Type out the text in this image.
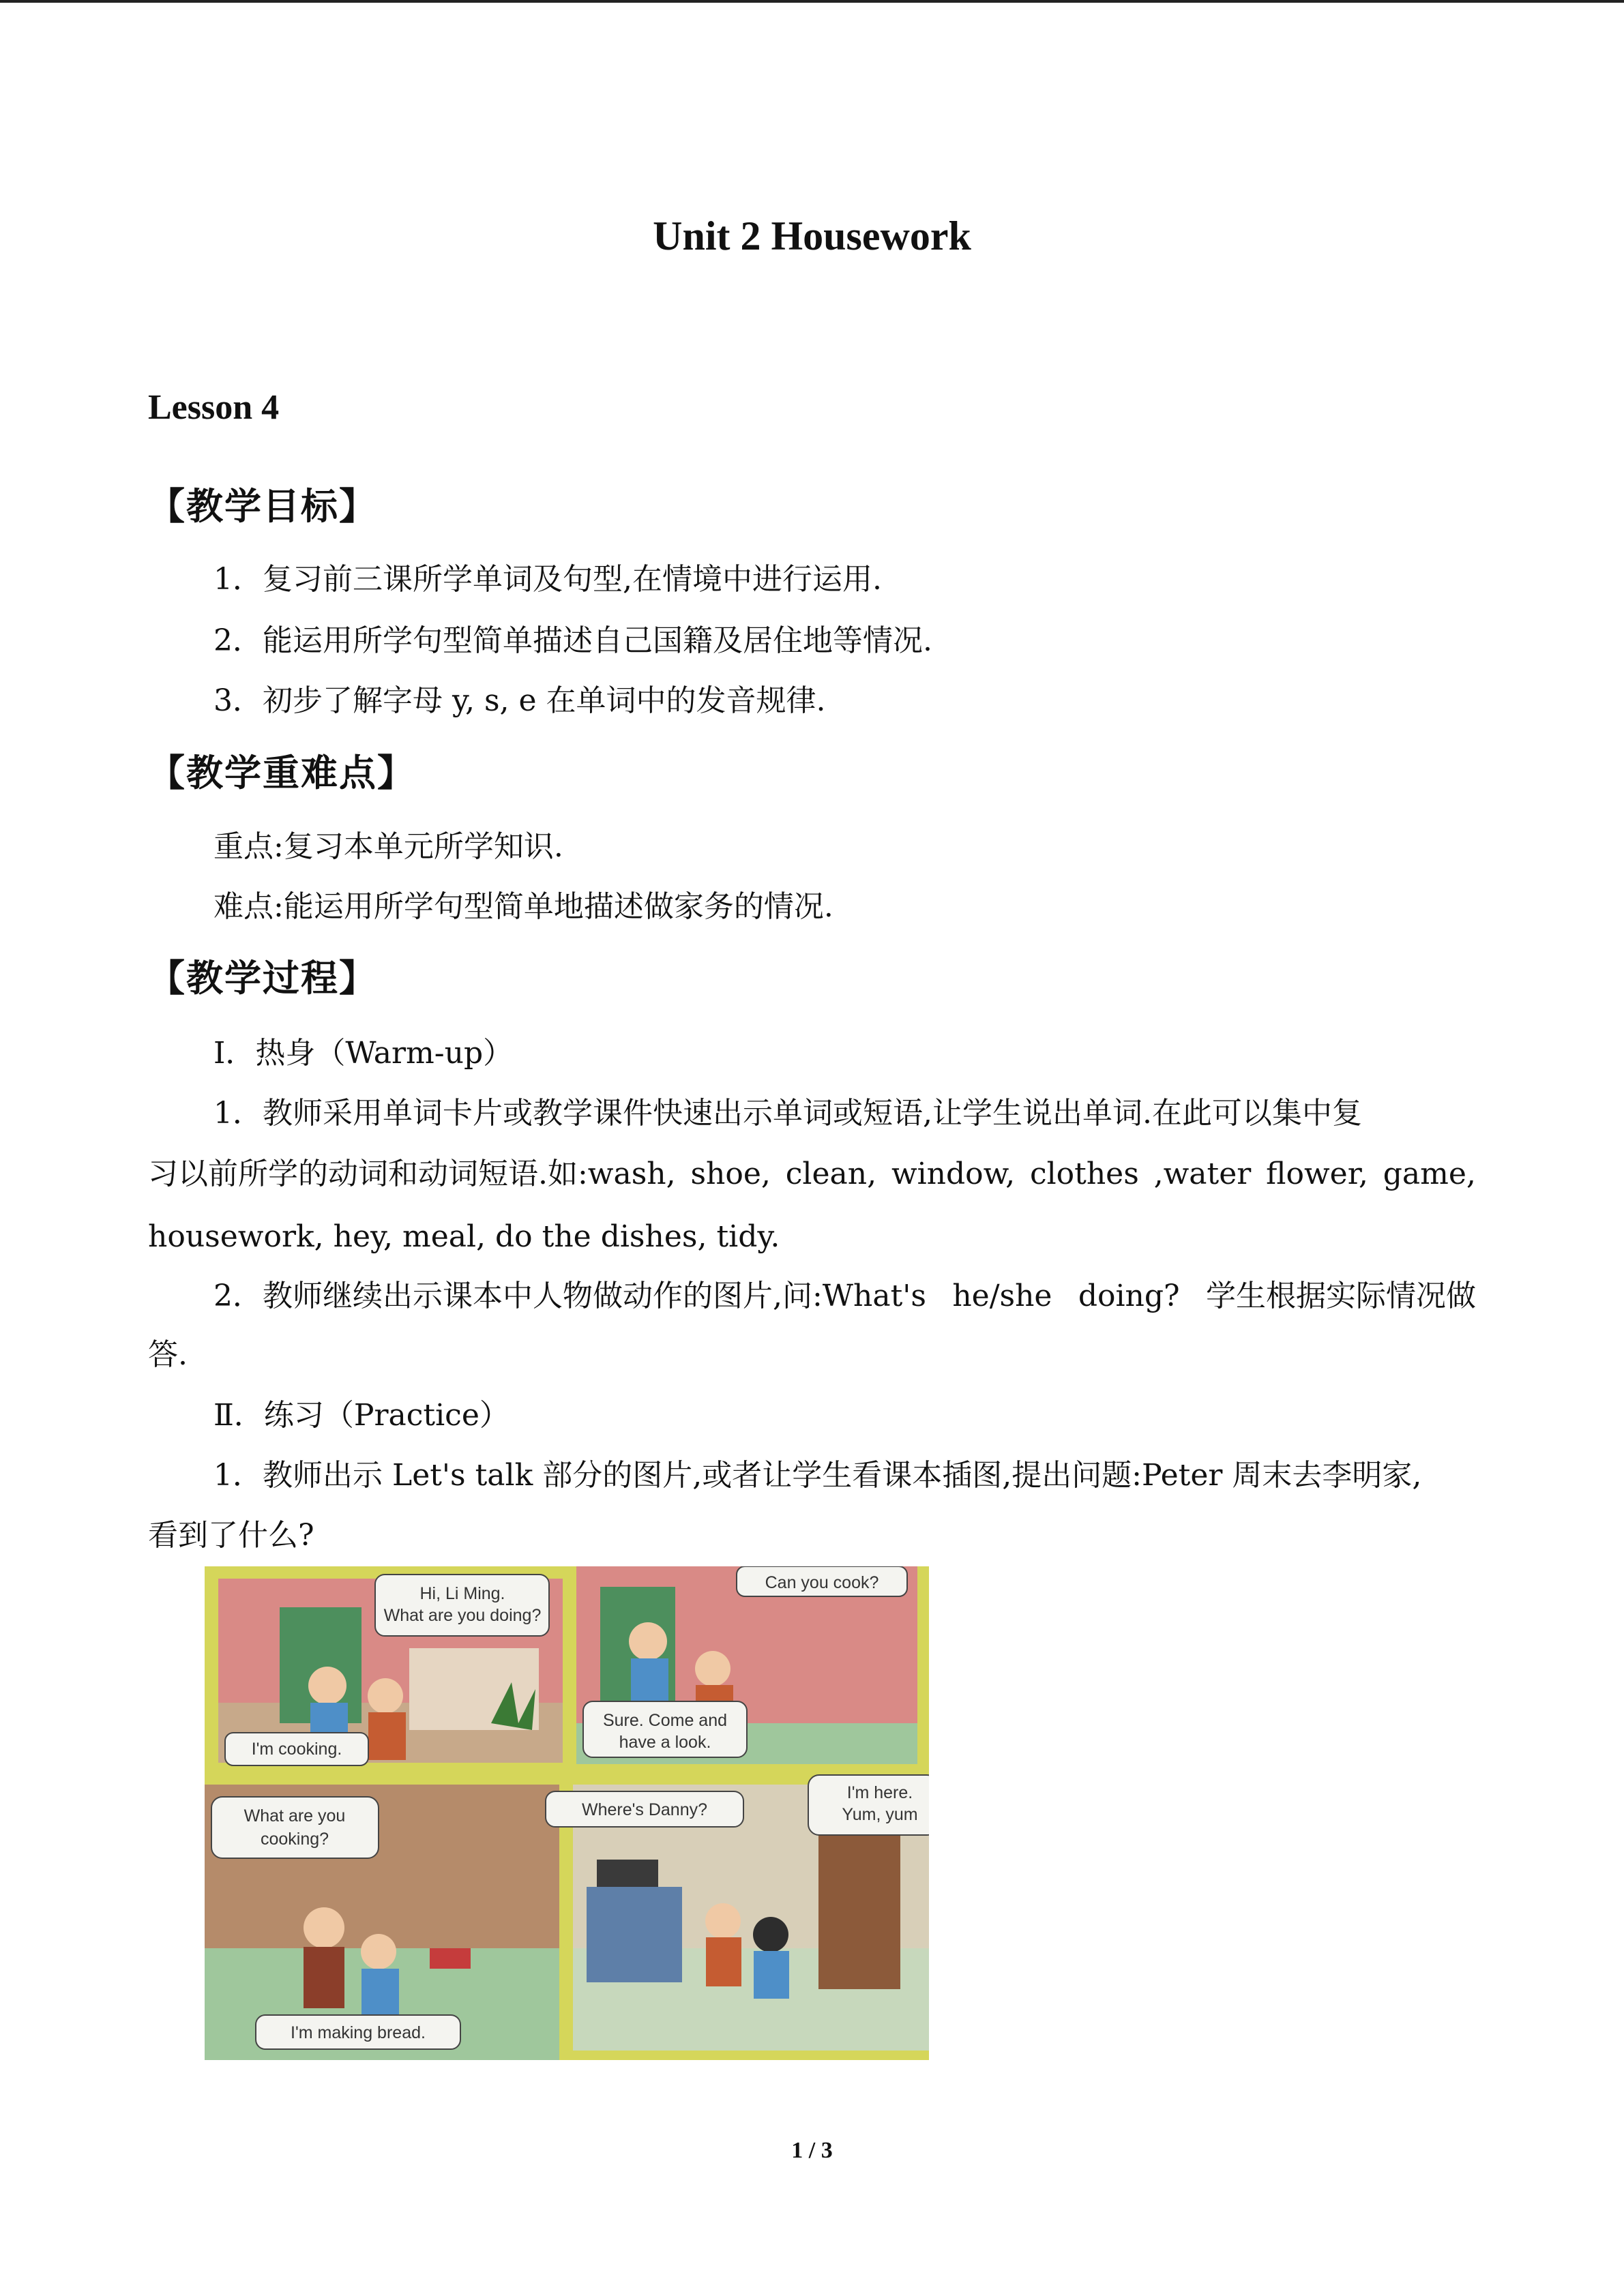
Unit 2 Housework
Lesson 4
【教学目标】
1．复习前三课所学单词及句型,在情境中进行运用.
2．能运用所学句型简单描述自己国籍及居住地等情况.
3．初步了解字母 y, s, e 在单词中的发音规律.
【教学重难点】
重点:复习本单元所学知识.
难点:能运用所学句型简单地描述做家务的情况.
【教学过程】
Ⅰ．热身（Warm-up）
1．教师采用单词卡片或教学课件快速出示单词或短语,让学生说出单词.在此可以集中复
习以前所学的动词和动词短语.如:wash, shoe, clean, window, clothes ,water flower, game,
housework, hey, meal, do the dishes, tidy.
2．教师继续出示课本中人物做动作的图片,问:What's he/she doing? 学生根据实际情况做
答.
Ⅱ．练习（Practice）
1．教师出示 Let's talk 部分的图片,或者让学生看课本插图,提出问题:Peter 周末去李明家,
看到了什么?
Hi, Li Ming.
What are you doing?
I'm cooking.
Can you cook?
Sure. Come and
have a look.
What are you
cooking?
I'm making bread.
Where's Danny?
I'm here.
Yum, yum
1 / 3
